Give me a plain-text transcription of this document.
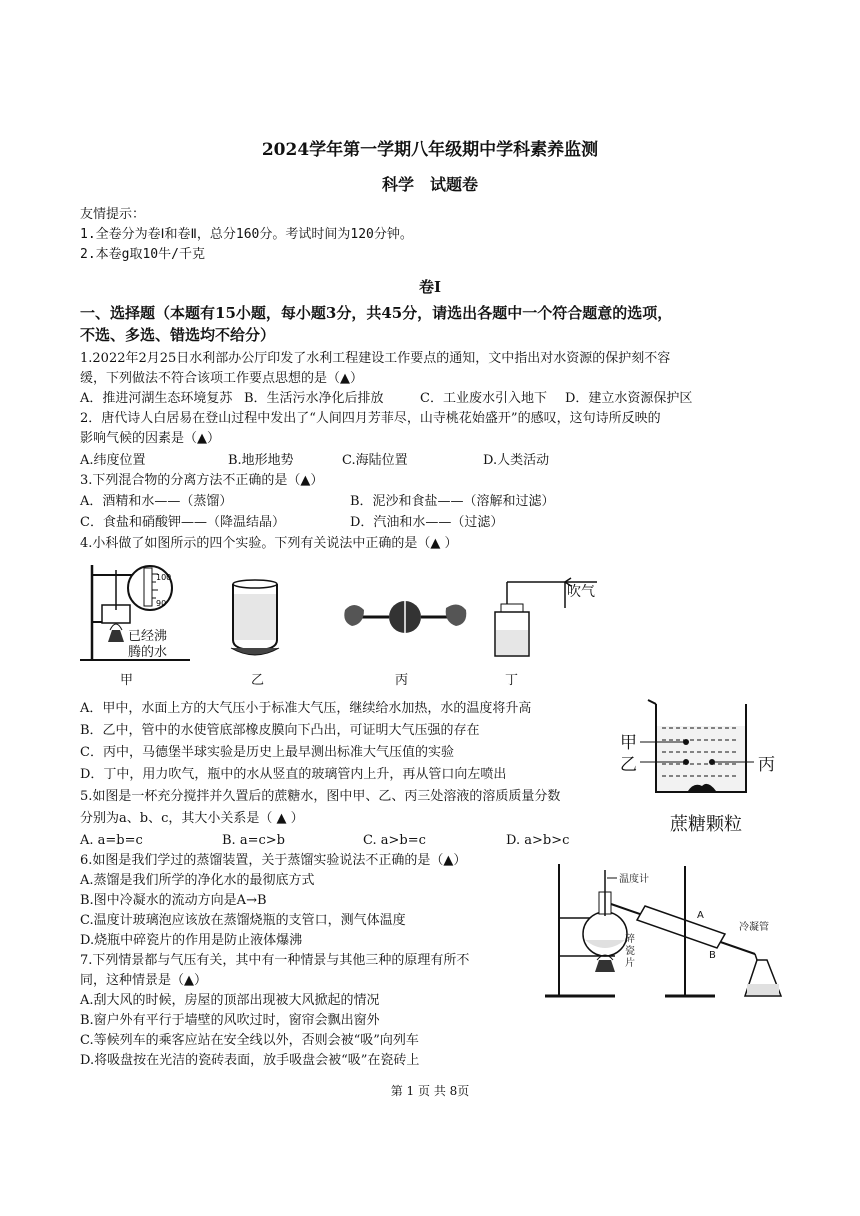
2024学年第一学期八年级期中学科素养监测
科学　试题卷
友情提示：
1.全卷分为卷Ⅰ和卷Ⅱ，总分160分。考试时间为120分钟。
2.本卷g取10牛/千克
卷Ⅰ
一、选择题（本题有15小题，每小题3分，共45分，请选出各题中一个符合题意的选项，
不选、多选、错选均不给分）
1.2022年2月25日水利部办公厅印发了水利工程建设工作要点的通知，文中指出对水资源的保护刻不容
缓，下列做法不符合该项工作要点思想的是（▲）
A．推进河湖生态环境复苏 B．生活污水净化后排放	C．工业废水引入地下 D．建立水资源保护区
2．唐代诗人白居易在登山过程中发出了“人间四月芳菲尽，山寺桃花始盛开”的感叹，这句诗所反映的
影响气候的因素是（▲）
A.纬度位置	B.地形地势	C.海陆位置	D.人类活动
3.下列混合物的分离方法不正确的是（▲）
A．酒精和水——（蒸馏）	B．泥沙和食盐——（溶解和过滤）
C．食盐和硝酸钾——（降温结晶）	D．汽油和水——（过滤）
4.小科做了如图所示的四个实验。下列有关说法中正确的是（▲ ）
100
90
已经沸
腾的水
甲	乙	丙
吹气
丁
A．甲中，水面上方的大气压小于标准大气压，继续给水加热，水的温度将升高
B．乙中，管中的水使管底部橡皮膜向下凸出，可证明大气压强的存在
C．丙中，马德堡半球实验是历史上最早测出标准大气压值的实验
D．丁中，用力吹气，瓶中的水从竖直的玻璃管内上升，再从管口向左喷出
甲
乙	丙
蔗糖颗粒
5.如图是一杯充分搅拌并久置后的蔗糖水，图中甲、乙、丙三处溶液的溶质质量分数
分别为a、b、c，其大小关系是（ ▲ ）
A. a=b=c	B. a=c>b	C. a>b=c	D. a>b>c
6.如图是我们学过的蒸馏装置，关于蒸馏实验说法不正确的是（▲）
A.蒸馏是我们所学的净化水的最彻底方式
B.图中冷凝水的流动方向是A→B
C.温度计玻璃泡应该放在蒸馏烧瓶的支管口，测气体温度
D.烧瓶中碎瓷片的作用是防止液体爆沸
温度计
A
冷凝管
B
碎
瓷
片
7.下列情景都与气压有关，其中有一种情景与其他三种的原理有所不
同，这种情景是（▲）
A.刮大风的时候，房屋的顶部出现被大风掀起的情况
B.窗户外有平行于墙壁的风吹过时，窗帘会飘出窗外
C.等候列车的乘客应站在安全线以外，否则会被“吸”向列车
D.将吸盘按在光洁的瓷砖表面，放手吸盘会被“吸”在瓷砖上
第 1 页 共 8页
